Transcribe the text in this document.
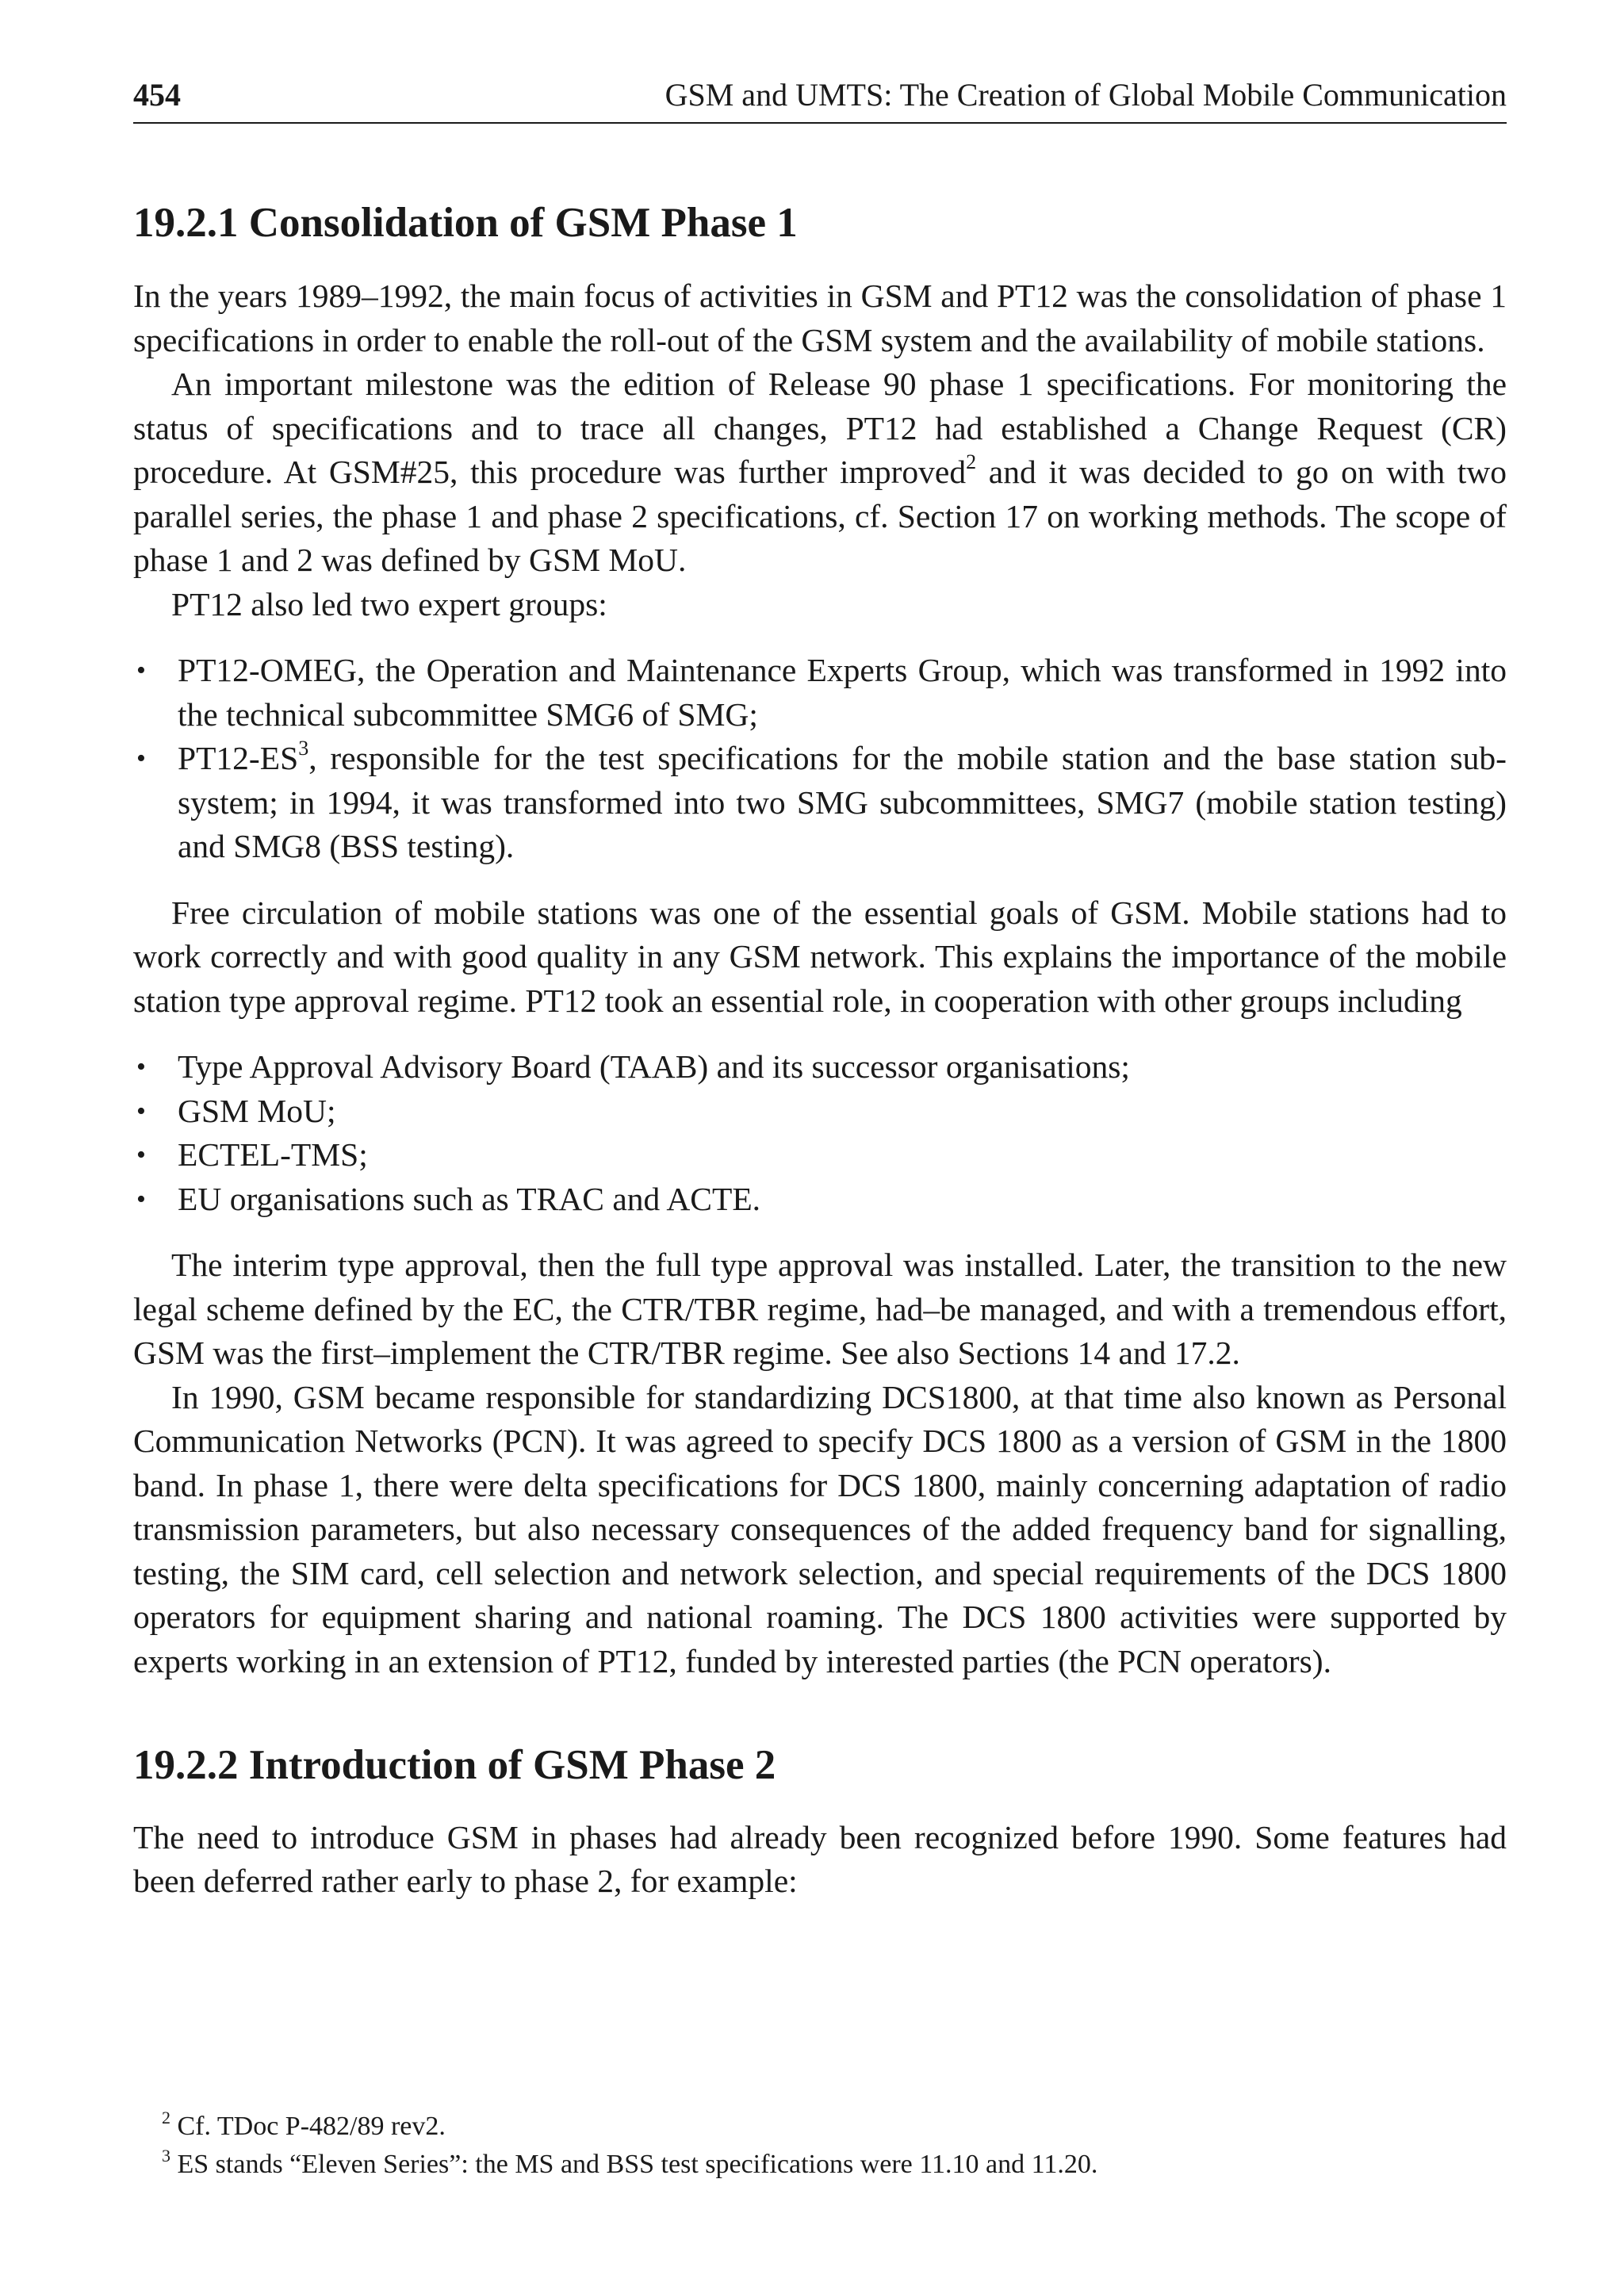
454	GSM and UMTS: The Creation of Global Mobile Communication
19.2.1 Consolidation of GSM Phase 1

In the years 1989–1992, the main focus of activities in GSM and PT12 was the consolidation of phase 1 specifications in order to enable the roll-out of the GSM system and the availability of mobile stations.

An important milestone was the edition of Release 90 phase 1 specifications. For monitoring the status of specifications and to trace all changes, PT12 had established a Change Request (CR) procedure. At GSM#25, this procedure was further improved$^2$ and it was decided to go on with two parallel series, the phase 1 and phase 2 specifications, cf. Section 17 on working methods. The scope of phase 1 and 2 was defined by GSM MoU.

PT12 also led two expert groups:

• PT12-OMEG, the Operation and Maintenance Experts Group, which was transformed in 1992 into the technical subcommittee SMG6 of SMG;
• $PT12-ES^3$, responsible for the test specifications for the mobile station and the base station sub-system; in 1994, it was transformed into two SMG subcommittees, SMG7 (mobile station testing) and SMG8 (BSS testing).

Free circulation of mobile stations was one of the essential goals of GSM. Mobile stations had to work correctly and with good quality in any GSM network. This explains the importance of the mobile station type approval regime. PT12 took an essential role, in cooperation with other groups including

• Type Approval Advisory Board (TAAB) and its successor organisations;
• GSM MoU;
• ECTEL-TMS;
• EU organisations such as TRAC and ACTE.

The interim type approval, then the full type approval was installed. Later, the transition to the new legal scheme defined by the EC, the CTR/TBR regime, had–be managed, and with a tremendous effort, GSM was the first–implement the CTR/TBR regime. See also Sections 14 and 17.2.

In 1990, GSM became responsible for standardizing DCS1800, at that time also known as Personal Communication Networks (PCN). It was agreed to specify DCS 1800 as a version of GSM in the 1800 band. In phase 1, there were delta specifications for DCS 1800, mainly concerning adaptation of radio transmission parameters, but also necessary consequences of the added frequency band for signalling, testing, the SIM card, cell selection and network selection, and special requirements of the DCS 1800 operators for equipment sharing and national roaming. The DCS 1800 activities were supported by experts working in an extension of PT12, funded by interested parties (the PCN operators).

19.2.2 Introduction of GSM Phase 2

The need to introduce GSM in phases had already been recognized before 1990. Some features had been deferred rather early to phase 2, for example:

$^2$ Cf. TDoc P-482/89 rev2.
$^3$ ES stands “Eleven Series”: the MS and BSS test specifications were 11.10 and 11.20.
